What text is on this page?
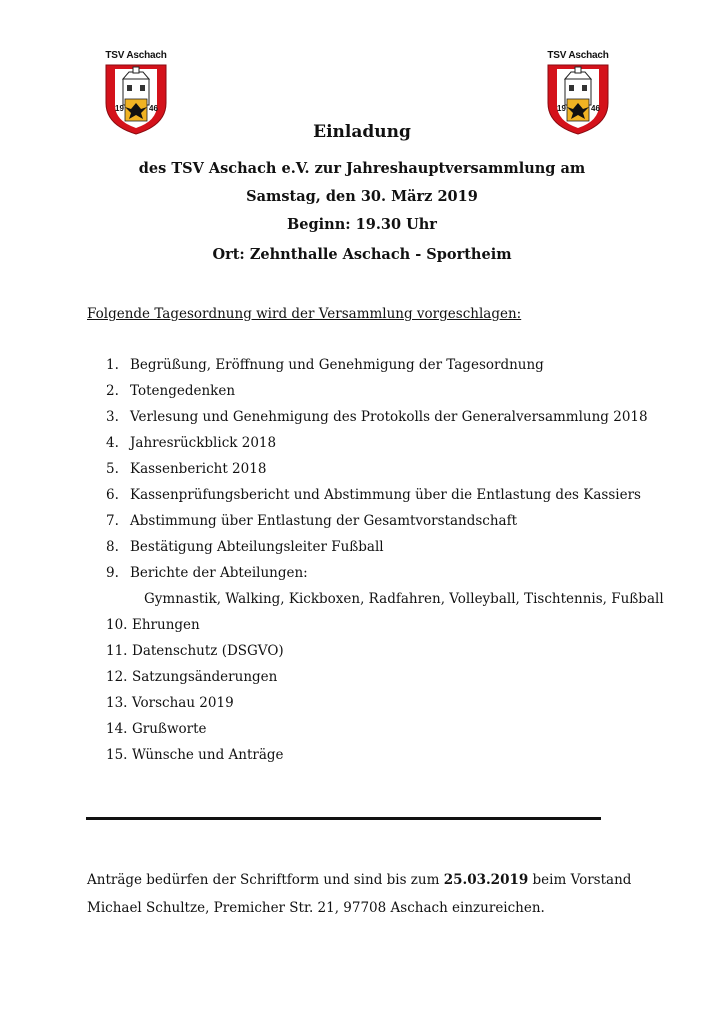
TSV Aschach
19	46
TSV Aschach
19	46
Einladung
des TSV Aschach e.V. zur Jahreshauptversammlung am
Samstag, den 30. März 2019
Beginn: 19.30 Uhr
Ort: Zehnthalle Aschach - Sportheim
Folgende Tagesordnung wird der Versammlung vorgeschlagen:
1. Begrüßung, Eröffnung und Genehmigung der Tagesordnung
2. Totengedenken
3. Verlesung und Genehmigung des Protokolls der Generalversammlung 2018
4. Jahresrückblick 2018
5. Kassenbericht 2018
6. Kassenprüfungsbericht und Abstimmung über die Entlastung des Kassiers
7. Abstimmung über Entlastung der Gesamtvorstandschaft
8. Bestätigung Abteilungsleiter Fußball
9. Berichte der Abteilungen:
Gymnastik, Walking, Kickboxen, Radfahren, Volleyball, Tischtennis, Fußball
10. Ehrungen
11. Datenschutz (DSGVO)
12. Satzungsänderungen
13. Vorschau 2019
14. Grußworte
15. Wünsche und Anträge
Anträge bedürfen der Schriftform und sind bis zum 25.03.2019 beim Vorstand
Michael Schultze, Premicher Str. 21, 97708 Aschach einzureichen.
